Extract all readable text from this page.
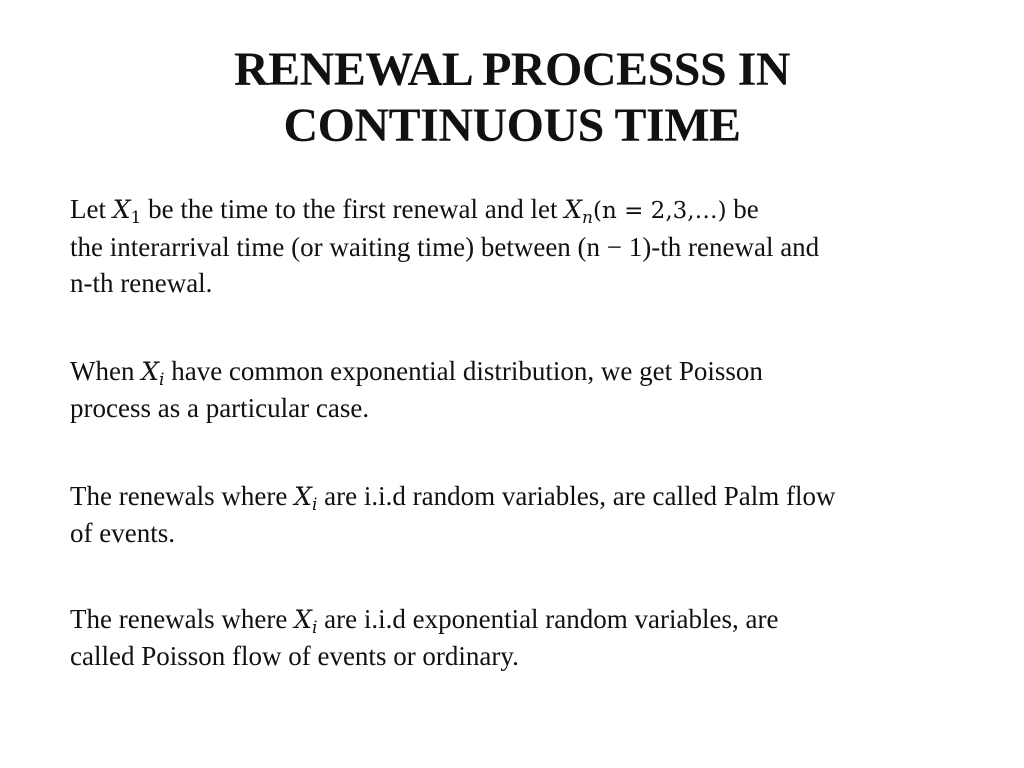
RENEWAL PROCESSS IN
CONTINUOUS TIME

Let $X_1$ be the time to the first renewal and let $X_n(n$ = 2,3,…) be
the interarrival time (or waiting time) between (n − 1)-th renewal and
n-th renewal.

When $X_i$ have common exponential distribution, we get Poisson
process as a particular case.

The renewals where $X_i$ are i.i.d random variables, are called Palm flow
of events.

The renewals where $X_i$ are i.i.d exponential random variables, are
called Poisson flow of events or ordinary.
